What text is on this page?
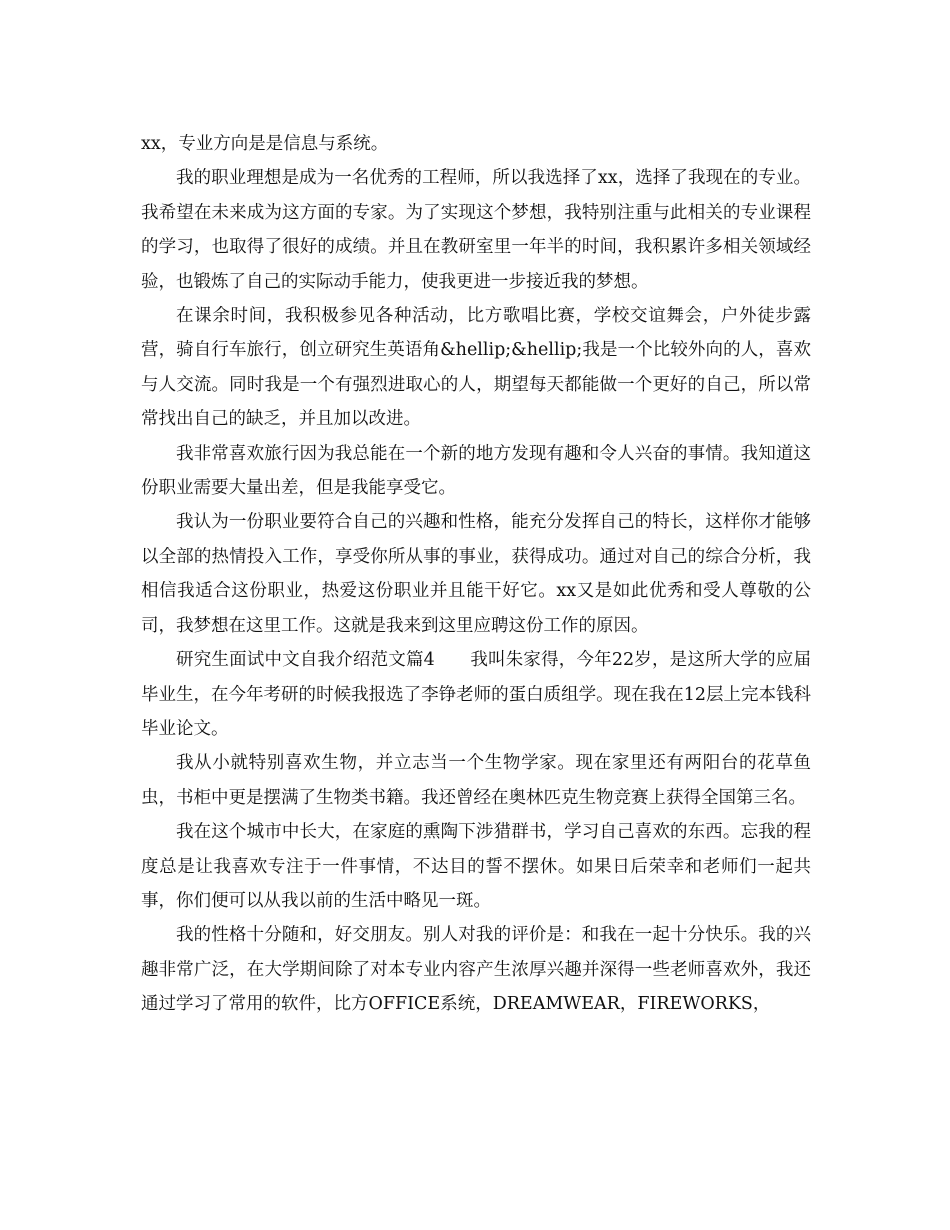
xx，专业方向是是信息与系统。

我的职业理想是成为一名优秀的工程师，所以我选择了xx，选择了我现在的专业。我希望在未来成为这方面的专家。为了实现这个梦想，我特别注重与此相关的专业课程的学习，也取得了很好的成绩。并且在教研室里一年半的时间，我积累许多相关领域经验，也锻炼了自己的实际动手能力，使我更进一步接近我的梦想。

在课余时间，我积极参见各种活动，比方歌唱比赛，学校交谊舞会，户外徒步露营，骑自行车旅行，创立研究生英语角&hellip;&hellip;我是一个比较外向的人，喜欢与人交流。同时我是一个有强烈进取心的人，期望每天都能做一个更好的自己，所以常常找出自己的缺乏，并且加以改进。

我非常喜欢旅行因为我总能在一个新的地方发现有趣和令人兴奋的事情。我知道这份职业需要大量出差，但是我能享受它。

我认为一份职业要符合自己的兴趣和性格，能充分发挥自己的特长，这样你才能够以全部的热情投入工作，享受你所从事的事业，获得成功。通过对自己的综合分析，我相信我适合这份职业，热爱这份职业并且能干好它。xx又是如此优秀和受人尊敬的公司，我梦想在这里工作。这就是我来到这里应聘这份工作的原因。

研究生面试中文自我介绍范文篇4　　我叫朱家得，今年22岁，是这所大学的应届毕业生，在今年考研的时候我报选了李铮老师的蛋白质组学。现在我在12层上完本钱科毕业论文。

我从小就特别喜欢生物，并立志当一个生物学家。现在家里还有两阳台的花草鱼虫，书柜中更是摆满了生物类书籍。我还曾经在奥林匹克生物竞赛上获得全国第三名。

我在这个城市中长大，在家庭的熏陶下涉猎群书，学习自己喜欢的东西。忘我的程度总是让我喜欢专注于一件事情，不达目的誓不摆休。如果日后荣幸和老师们一起共事，你们便可以从我以前的生活中略见一斑。

我的性格十分随和，好交朋友。别人对我的评价是：和我在一起十分快乐。我的兴趣非常广泛，在大学期间除了对本专业内容产生浓厚兴趣并深得一些老师喜欢外，我还通过学习了常用的软件，比方OFFICE系统，DREAMWEAR，FIREWORKS，
